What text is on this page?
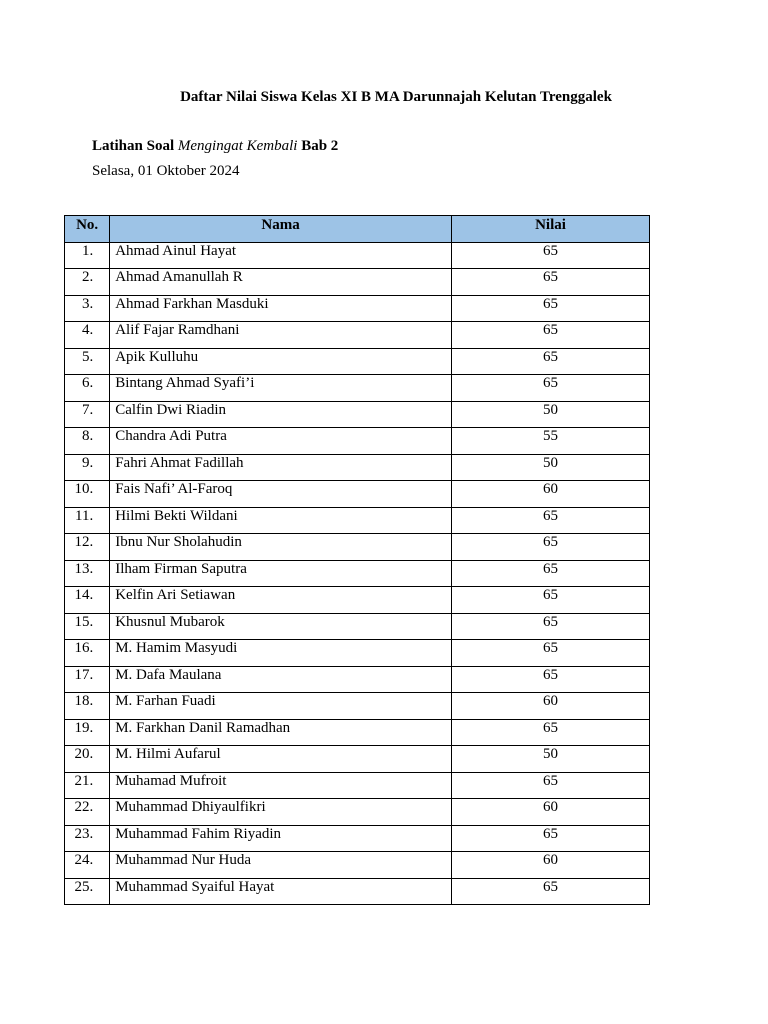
Daftar Nilai Siswa Kelas XI B MA Darunnajah Kelutan Trenggalek
Latihan Soal Mengingat Kembali Bab 2
Selasa, 01 Oktober 2024
No.	Nama	Nilai
1.	Ahmad Ainul Hayat	65
2.	Ahmad Amanullah R	65
3.	Ahmad Farkhan Masduki	65
4.	Alif Fajar Ramdhani	65
5.	Apik Kulluhu	65
6.	Bintang Ahmad Syafi’i	65
7.	Calfin Dwi Riadin	50
8.	Chandra Adi Putra	55
9.	Fahri Ahmat Fadillah	50
10.	Fais Nafi’ Al-Faroq	60
11.	Hilmi Bekti Wildani	65
12.	Ibnu Nur Sholahudin	65
13.	Ilham Firman Saputra	65
14.	Kelfin Ari Setiawan	65
15.	Khusnul Mubarok	65
16.	M. Hamim Masyudi	65
17.	M. Dafa Maulana	65
18.	M. Farhan Fuadi	60
19.	M. Farkhan Danil Ramadhan	65
20.	M. Hilmi Aufarul	50
21.	Muhamad Mufroit	65
22.	Muhammad Dhiyaulfikri	60
23.	Muhammad Fahim Riyadin	65
24.	Muhammad Nur Huda	60
25.	Muhammad Syaiful Hayat	65
